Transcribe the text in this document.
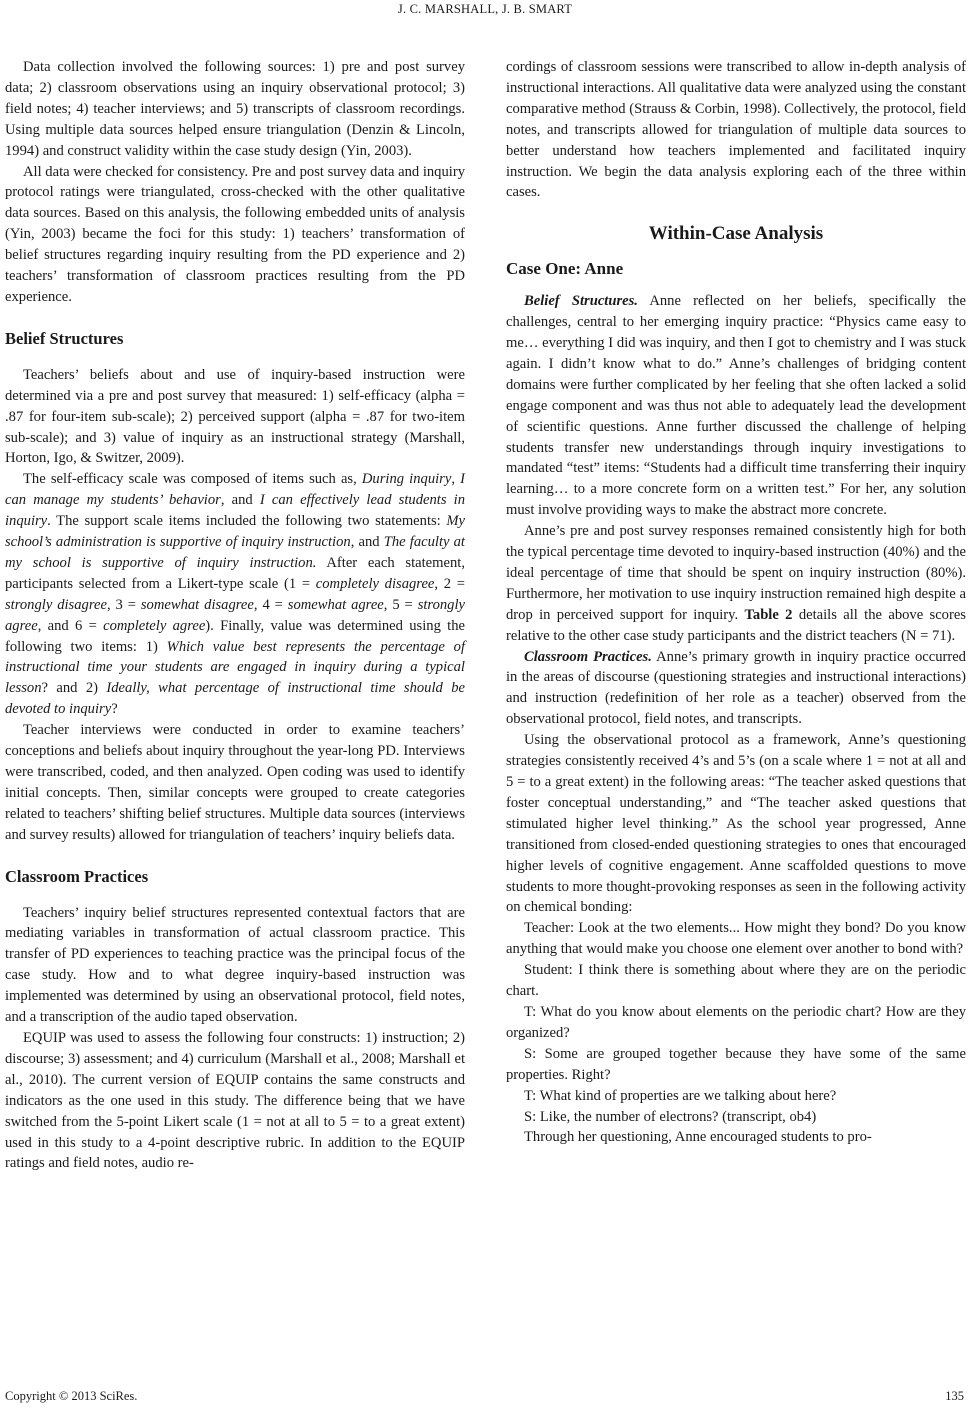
J. C. MARSHALL, J. B. SMART

Data collection involved the following sources: 1) pre and post survey data; 2) classroom observations using an inquiry observational protocol; 3) field notes; 4) teacher interviews; and 5) transcripts of classroom recordings. Using multiple data sources helped ensure triangulation (Denzin & Lincoln, 1994) and construct validity within the case study design (Yin, 2003).

All data were checked for consistency. Pre and post survey data and inquiry protocol ratings were triangulated, cross-checked with the other qualitative data sources. Based on this analysis, the following embedded units of analysis (Yin, 2003) became the foci for this study: 1) teachers’ transformation of belief structures regarding inquiry resulting from the PD experience and 2) teachers’ transformation of classroom practices resulting from the PD experience.

Belief Structures

Teachers’ beliefs about and use of inquiry-based instruction were determined via a pre and post survey that measured: 1) self-efficacy (alpha = .87 for four-item sub-scale); 2) perceived support (alpha = .87 for two-item sub-scale); and 3) value of inquiry as an instructional strategy (Marshall, Horton, Igo, & Switzer, 2009).

The self-efficacy scale was composed of items such as, During inquiry, I can manage my students’ behavior, and I can effectively lead students in inquiry. The support scale items included the following two statements: My school’s administration is supportive of inquiry instruction, and The faculty at my school is supportive of inquiry instruction. After each statement, participants selected from a Likert-type scale (1 = completely disagree, 2 = strongly disagree, 3 = somewhat disagree, 4 = somewhat agree, 5 = strongly agree, and 6 = completely agree). Finally, value was determined using the following two items: 1) Which value best represents the percentage of instructional time your students are engaged in inquiry during a typical lesson? and 2) Ideally, what percentage of instructional time should be devoted to inquiry?

Teacher interviews were conducted in order to examine teachers’ conceptions and beliefs about inquiry throughout the year-long PD. Interviews were transcribed, coded, and then analyzed. Open coding was used to identify initial concepts. Then, similar concepts were grouped to create categories related to teachers’ shifting belief structures. Multiple data sources (interviews and survey results) allowed for triangulation of teachers’ inquiry beliefs data.

Classroom Practices

Teachers’ inquiry belief structures represented contextual factors that are mediating variables in transformation of actual classroom practice. This transfer of PD experiences to teaching practice was the principal focus of the case study. How and to what degree inquiry-based instruction was implemented was determined by using an observational protocol, field notes, and a transcription of the audio taped observation.

EQUIP was used to assess the following four constructs: 1) instruction; 2) discourse; 3) assessment; and 4) curriculum (Marshall et al., 2008; Marshall et al., 2010). The current version of EQUIP contains the same constructs and indicators as the one used in this study. The difference being that we have switched from the 5-point Likert scale (1 = not at all to 5 = to a great extent) used in this study to a 4-point descriptive rubric. In addition to the EQUIP ratings and field notes, audio re-

cordings of classroom sessions were transcribed to allow in-depth analysis of instructional interactions. All qualitative data were analyzed using the constant comparative method (Strauss & Corbin, 1998). Collectively, the protocol, field notes, and transcripts allowed for triangulation of multiple data sources to better understand how teachers implemented and facilitated inquiry instruction. We begin the data analysis exploring each of the three within cases.

Within-Case Analysis
Case One: Anne

Belief Structures. Anne reflected on her beliefs, specifically the challenges, central to her emerging inquiry practice: “Physics came easy to me… everything I did was inquiry, and then I got to chemistry and I was stuck again. I didn’t know what to do.” Anne’s challenges of bridging content domains were further complicated by her feeling that she often lacked a solid engage component and was thus not able to adequately lead the development of scientific questions. Anne further discussed the challenge of helping students transfer new understandings through inquiry investigations to mandated “test” items: “Students had a difficult time transferring their inquiry learning… to a more concrete form on a written test.” For her, any solution must involve providing ways to make the abstract more concrete.

Anne’s pre and post survey responses remained consistently high for both the typical percentage time devoted to inquiry-based instruction (40%) and the ideal percentage of time that should be spent on inquiry instruction (80%). Furthermore, her motivation to use inquiry instruction remained high despite a drop in perceived support for inquiry. Table 2 details all the above scores relative to the other case study participants and the district teachers (N = 71).

Classroom Practices. Anne’s primary growth in inquiry practice occurred in the areas of discourse (questioning strategies and instructional interactions) and instruction (redefinition of her role as a teacher) observed from the observational protocol, field notes, and transcripts.

Using the observational protocol as a framework, Anne’s questioning strategies consistently received 4’s and 5’s (on a scale where 1 = not at all and 5 = to a great extent) in the following areas: “The teacher asked questions that foster conceptual understanding,” and “The teacher asked questions that stimulated higher level thinking.” As the school year progressed, Anne transitioned from closed-ended questioning strategies to ones that encouraged higher levels of cognitive engagement. Anne scaffolded questions to move students to more thought-provoking responses as seen in the following activity on chemical bonding:

Teacher: Look at the two elements... How might they bond? Do you know anything that would make you choose one element over another to bond with?

Student: I think there is something about where they are on the periodic chart.

T: What do you know about elements on the periodic chart? How are they organized?

S: Some are grouped together because they have some of the same properties. Right?

T: What kind of properties are we talking about here?

S: Like, the number of electrons? (transcript, ob4)

Through her questioning, Anne encouraged students to pro-

Copyright © 2013 SciRes.	135
